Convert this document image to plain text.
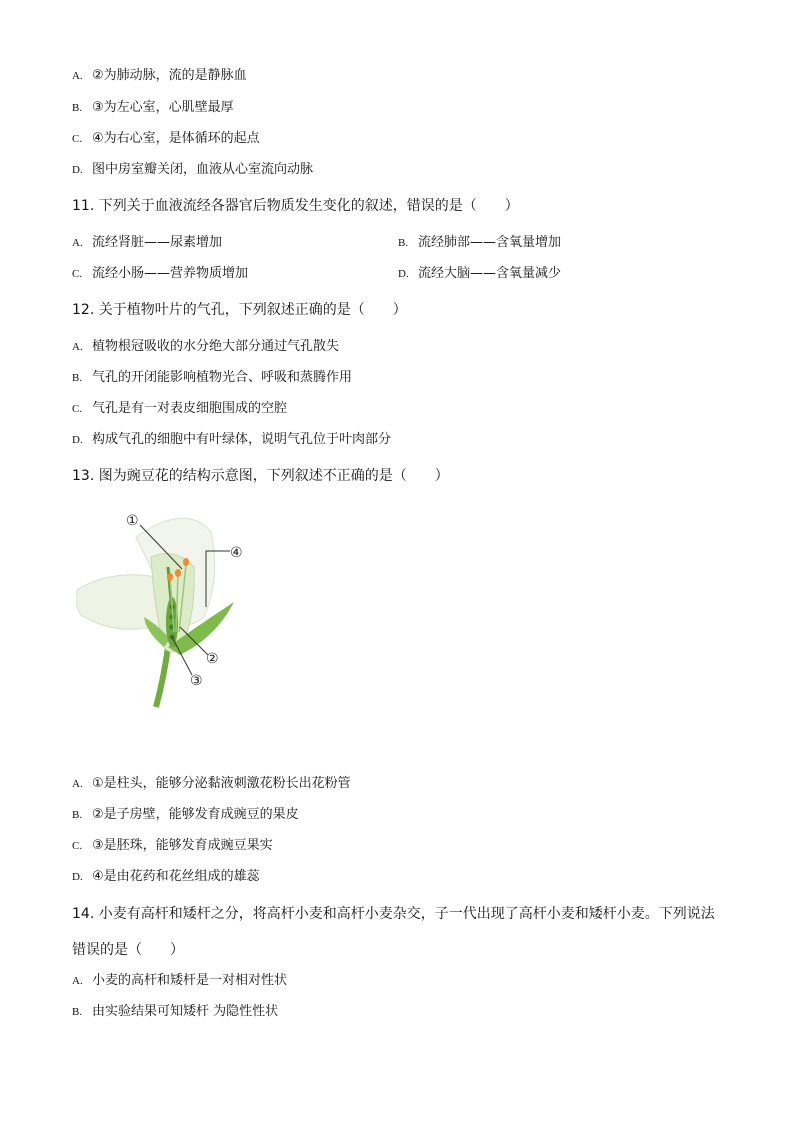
A. ②为肺动脉，流的是静脉血
B. ③为左心室，心肌壁最厚
C. ④为右心室，是体循环的起点
D. 图中房室瓣关闭，血液从心室流向动脉
11. 下列关于血液流经各器官后物质发生变化的叙述，错误的是（　　）
A. 流经肾脏——尿素增加	B. 流经肺部——含氧量增加
C. 流经小肠——营养物质增加	D. 流经大脑——含氧量减少
12. 关于植物叶片的气孔，下列叙述正确的是（　　）
A. 植物根冠吸收的水分绝大部分通过气孔散失
B. 气孔的开闭能影响植物光合、呼吸和蒸腾作用
C. 气孔是有一对表皮细胞围成的空腔
D. 构成气孔的细胞中有叶绿体，说明气孔位于叶肉部分
13. 图为豌豆花的结构示意图，下列叙述不正确的是（　　）
①
④
②
③
A. ①是柱头，能够分泌黏液刺激花粉长出花粉管
B. ②是子房壁，能够发育成豌豆的果皮
C. ③是胚珠，能够发育成豌豆果实
D. ④是由花药和花丝组成的雄蕊
14. 小麦有高杆和矮杆之分，将高杆小麦和高杆小麦杂交，子一代出现了高杆小麦和矮杆小麦。下列说法
错误的是（　　）
A. 小麦的高杆和矮杆是一对相对性状
B. 由实验结果可知矮杆 为隐性性状
